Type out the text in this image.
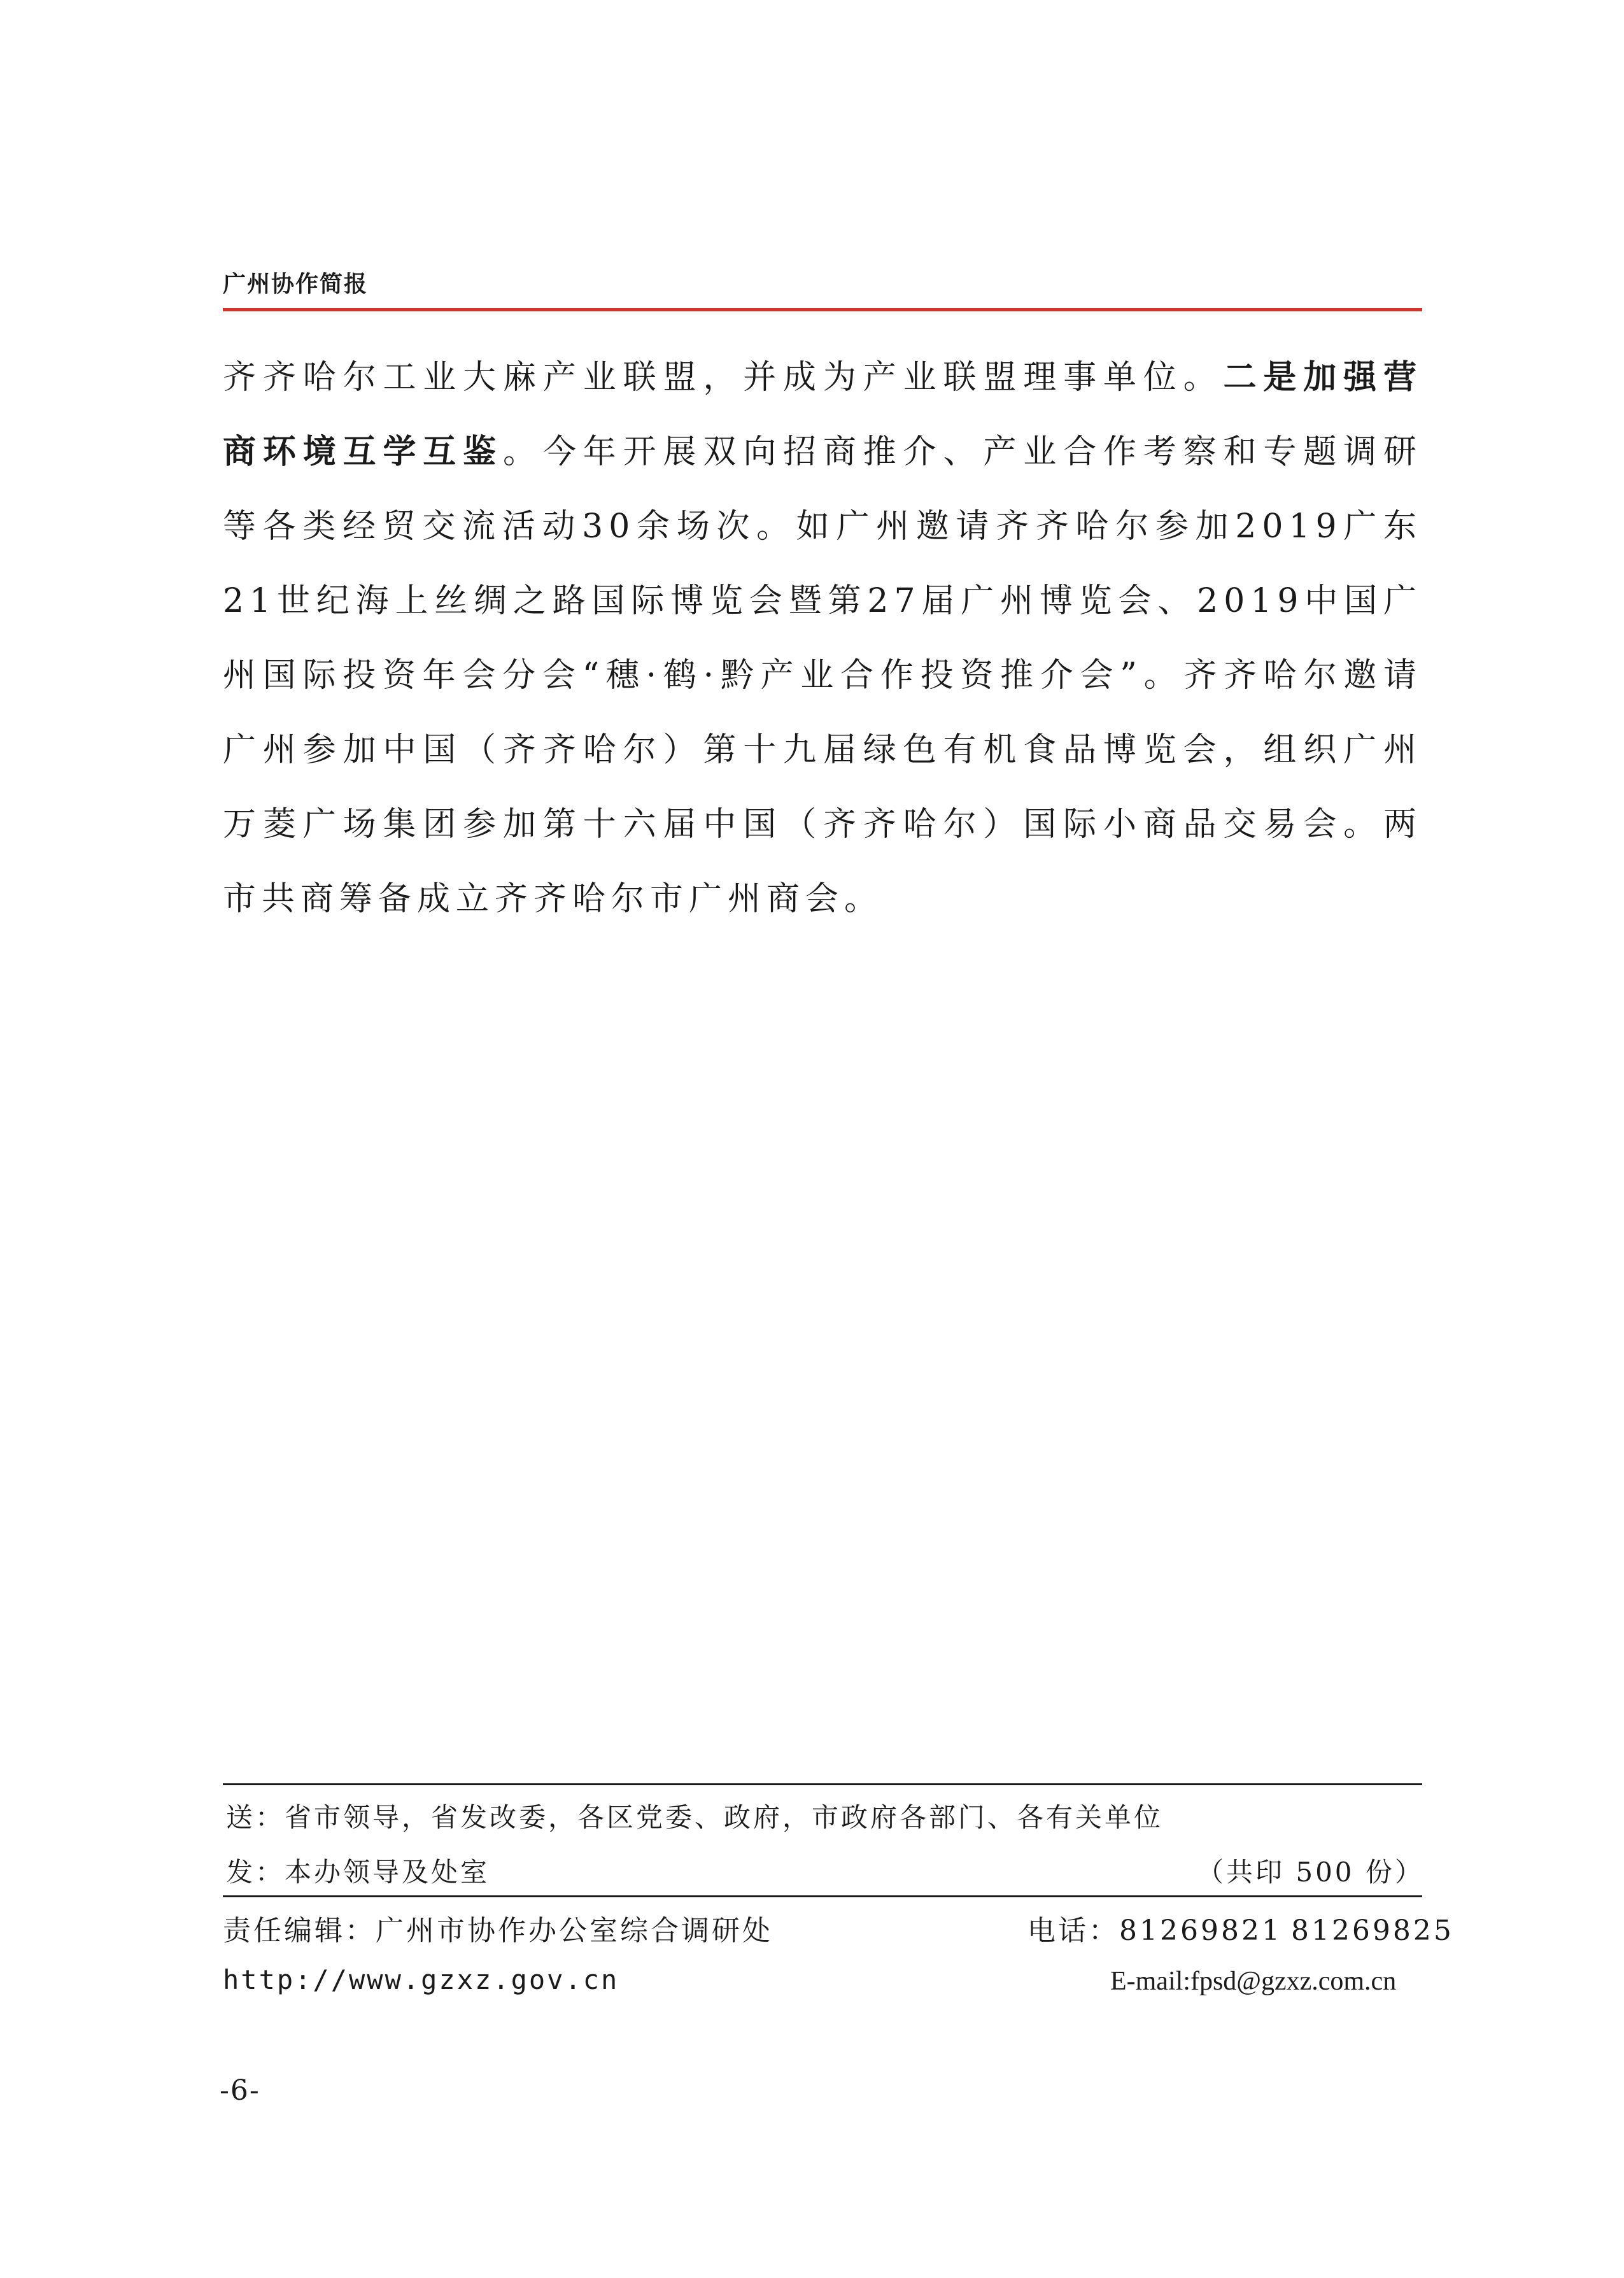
广州协作简报

齐齐哈尔工业大麻产业联盟，并成为产业联盟理事单位。二是加强营商环境互学互鉴。今年开展双向招商推介、产业合作考察和专题调研等各类经贸交流活动30余场次。如广州邀请齐齐哈尔参加2019广东21世纪海上丝绸之路国际博览会暨第27届广州博览会、2019中国广州国际投资年会分会“穗·鹤·黔产业合作投资推介会”。齐齐哈尔邀请广州参加中国（齐齐哈尔）第十九届绿色有机食品博览会，组织广州万菱广场集团参加第十六届中国（齐齐哈尔）国际小商品交易会。两市共商筹备成立齐齐哈尔市广州商会。

送：省市领导，省发改委，各区党委、政府，市政府各部门、各有关单位
发：本办领导及处室	（共印 500 份）
责任编辑：广州市协作办公室综合调研处	电话：81269821 81269825
http://www.gzxz.gov.cn	E-mail:fpsd@gzxz.com.cn
-6-
